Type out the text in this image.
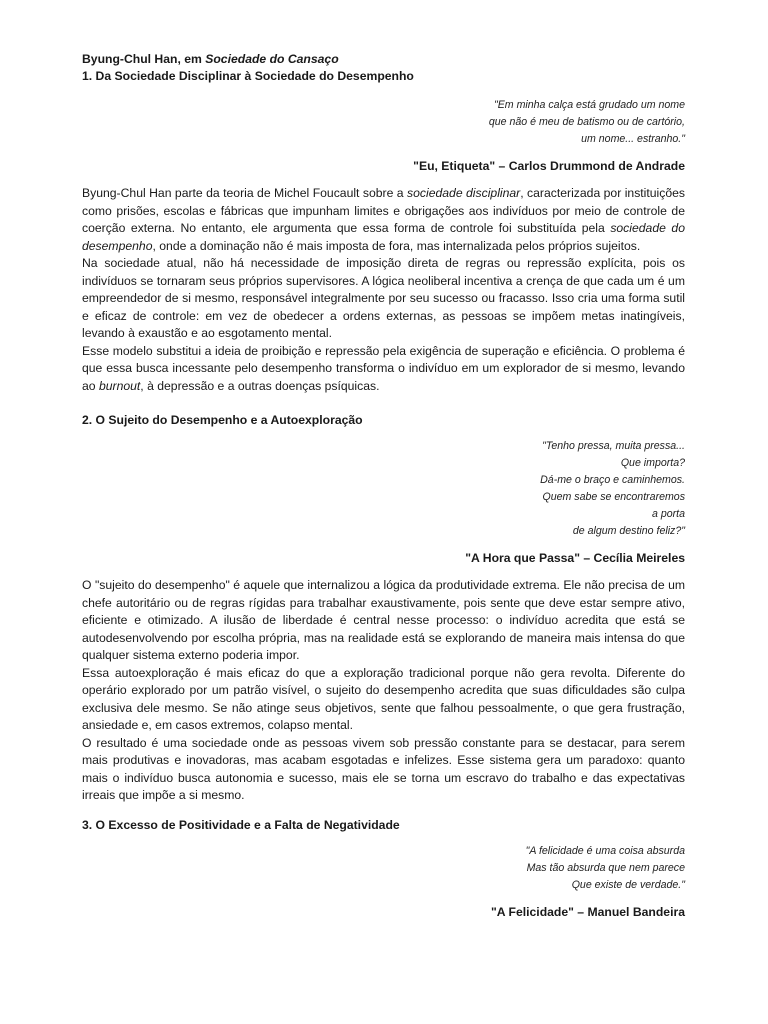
Byung-Chul Han, em Sociedade do Cansaço
1. Da Sociedade Disciplinar à Sociedade do Desempenho
"Em minha calça está grudado um nome
que não é meu de batismo ou de cartório,
um nome... estranho."
"Eu, Etiqueta" – Carlos Drummond de Andrade

Byung-Chul Han parte da teoria de Michel Foucault sobre a sociedade disciplinar, caracterizada por instituições como prisões, escolas e fábricas que impunham limites e obrigações aos indivíduos por meio de controle de coerção externa. No entanto, ele argumenta que essa forma de controle foi substituída pela sociedade do desempenho, onde a dominação não é mais imposta de fora, mas internalizada pelos próprios sujeitos.

Na sociedade atual, não há necessidade de imposição direta de regras ou repressão explícita, pois os indivíduos se tornaram seus próprios supervisores. A lógica neoliberal incentiva a crença de que cada um é um empreendedor de si mesmo, responsável integralmente por seu sucesso ou fracasso. Isso cria uma forma sutil e eficaz de controle: em vez de obedecer a ordens externas, as pessoas se impõem metas inatingíveis, levando à exaustão e ao esgotamento mental.

Esse modelo substitui a ideia de proibição e repressão pela exigência de superação e eficiência. O problema é que essa busca incessante pelo desempenho transforma o indivíduo em um explorador de si mesmo, levando ao burnout, à depressão e a outras doenças psíquicas.

2. O Sujeito do Desempenho e a Autoexploração
"Tenho pressa, muita pressa...
Que importa?
Dá-me o braço e caminhemos.
Quem sabe se encontraremos
a porta
de algum destino feliz?"
"A Hora que Passa" – Cecília Meireles

O "sujeito do desempenho" é aquele que internalizou a lógica da produtividade extrema. Ele não precisa de um chefe autoritário ou de regras rígidas para trabalhar exaustivamente, pois sente que deve estar sempre ativo, eficiente e otimizado. A ilusão de liberdade é central nesse processo: o indivíduo acredita que está se autodesenvolvendo por escolha própria, mas na realidade está se explorando de maneira mais intensa do que qualquer sistema externo poderia impor.

Essa autoexploração é mais eficaz do que a exploração tradicional porque não gera revolta. Diferente do operário explorado por um patrão visível, o sujeito do desempenho acredita que suas dificuldades são culpa exclusiva dele mesmo. Se não atinge seus objetivos, sente que falhou pessoalmente, o que gera frustração, ansiedade e, em casos extremos, colapso mental.

O resultado é uma sociedade onde as pessoas vivem sob pressão constante para se destacar, para serem mais produtivas e inovadoras, mas acabam esgotadas e infelizes. Esse sistema gera um paradoxo: quanto mais o indivíduo busca autonomia e sucesso, mais ele se torna um escravo do trabalho e das expectativas irreais que impõe a si mesmo.

3. O Excesso de Positividade e a Falta de Negatividade
"A felicidade é uma coisa absurda
Mas tão absurda que nem parece
Que existe de verdade."
"A Felicidade" – Manuel Bandeira
